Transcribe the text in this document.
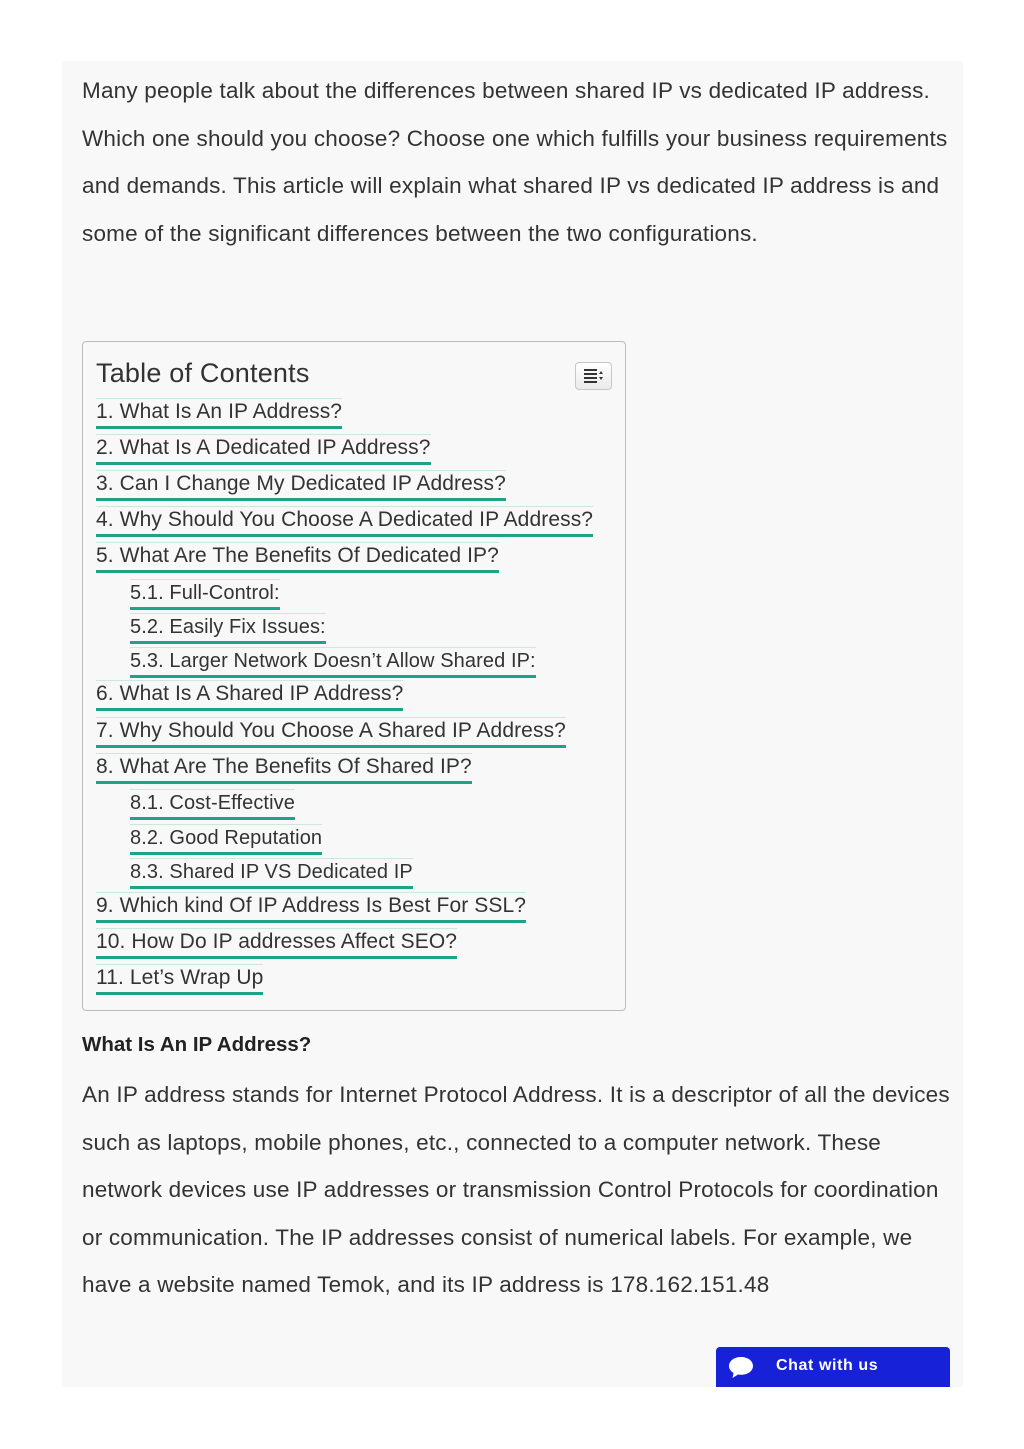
Many people talk about the differences between shared IP vs dedicated IP address. Which one should you choose? Choose one which fulfills your business requirements and demands. This article will explain what shared IP vs dedicated IP address is and some of the significant differences between the two configurations.

Table of Contents

1. What Is An IP Address?
2. What Is A Dedicated IP Address?
3. Can I Change My Dedicated IP Address?
4. Why Should You Choose A Dedicated IP Address?
5. What Are The Benefits Of Dedicated IP?
5.1. Full-Control:
5.2. Easily Fix Issues:
5.3. Larger Network Doesn’t Allow Shared IP:
6. What Is A Shared IP Address?
7. Why Should You Choose A Shared IP Address?
8. What Are The Benefits Of Shared IP?
8.1. Cost-Effective
8.2. Good Reputation
8.3. Shared IP VS Dedicated IP
9. Which kind Of IP Address Is Best For SSL?
10. How Do IP addresses Affect SEO?
11. Let’s Wrap Up
What Is An IP Address?

An IP address stands for Internet Protocol Address. It is a descriptor of all the devices such as laptops, mobile phones, etc., connected to a computer network. These network devices use IP addresses or transmission Control Protocols for coordination or communication. The IP addresses consist of numerical labels. For example, we have a website named Temok, and its IP address is 178.162.151.48

Chat with us
